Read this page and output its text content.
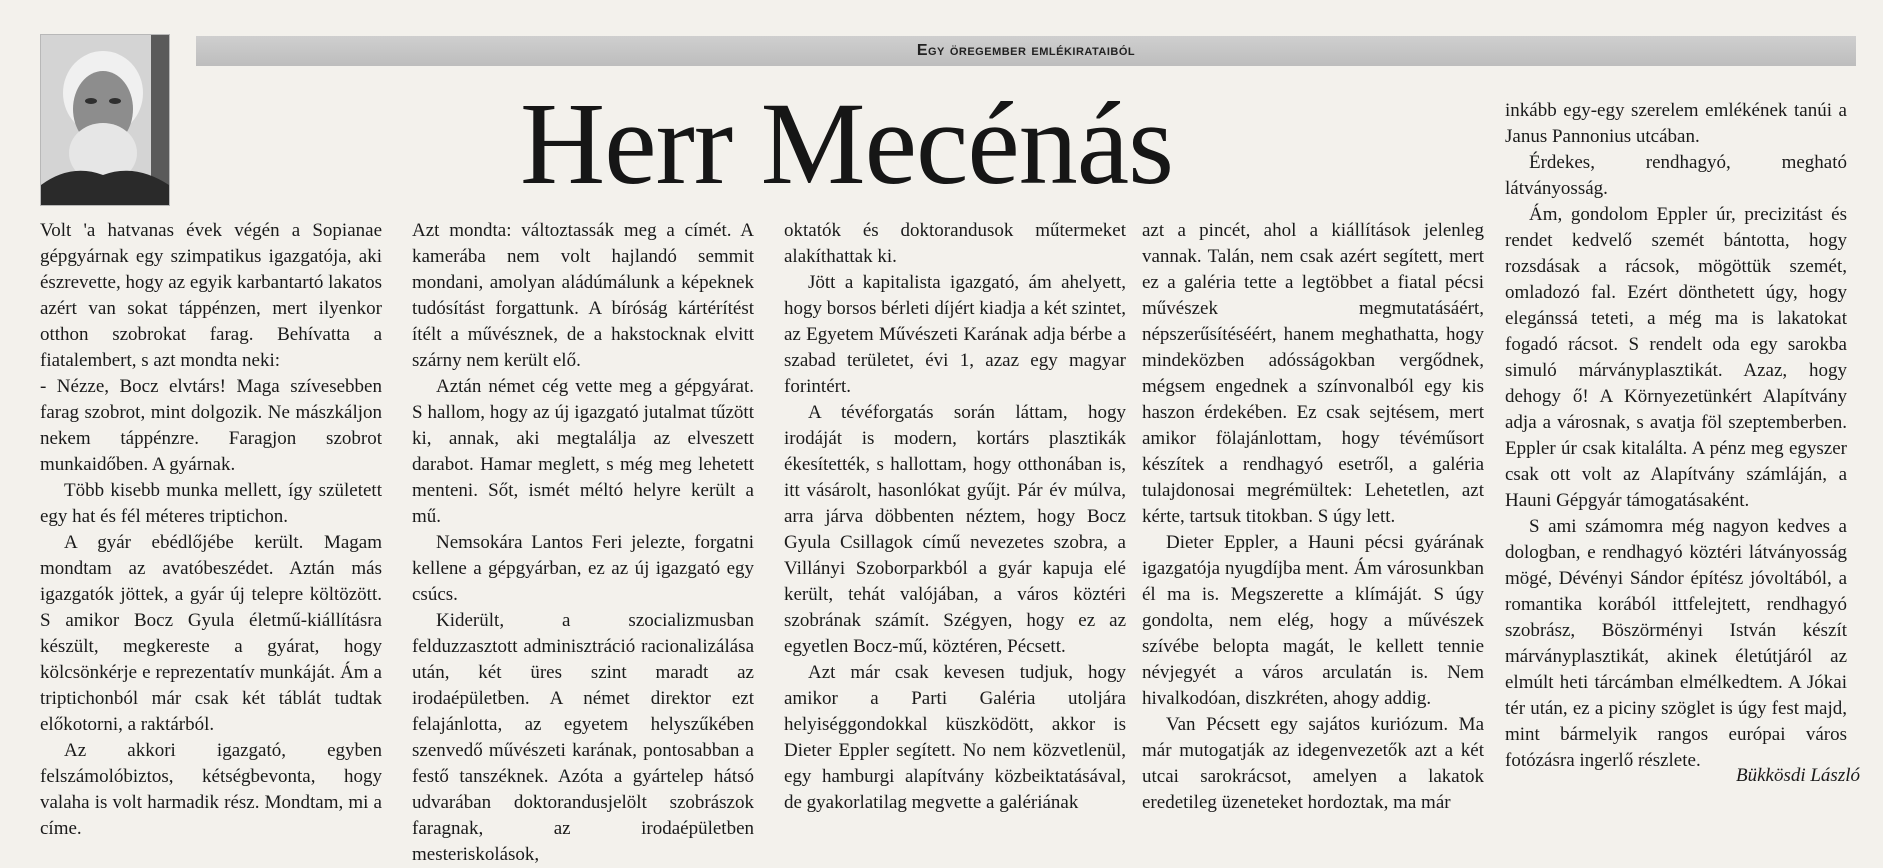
Egy öregember emlékirataiból
Herr Mecénás

Volt 'a hatvanas évek végén a Sopianae gépgyárnak egy szimpatikus igazgatója, aki észrevette, hogy az egyik karbantartó lakatos azért van sokat táppénzen, mert ilyenkor otthon szobrokat farag. Behívatta a fiatalembert, s azt mondta neki:

- Nézze, Bocz elvtárs! Maga szívesebben farag szobrot, mint dolgozik. Ne mászkáljon nekem táppénzre. Faragjon szobrot munkaidőben. A gyárnak.

Több kisebb munka mellett, így született egy hat és fél méteres triptichon.

A gyár ebédlőjébe került. Magam mondtam az avatóbeszédet. Aztán más igazgatók jöttek, a gyár új telepre költözött. S amikor Bocz Gyula életmű-kiállításra készült, megkereste a gyárat, hogy kölcsönkérje e reprezentatív munkáját. Ám a triptichonból már csak két táblát tudtak előkotorni, a raktárból.

Az akkori igazgató, egyben felszámolóbiztos, kétségbevonta, hogy valaha is volt harmadik rész. Mondtam, mi a címe.

Azt mondta: változtassák meg a címét. A kamerába nem volt hajlandó semmit mondani, amolyan aládúmálunk a képeknek tudósítást forgattunk. A bíróság kártérítést ítélt a művésznek, de a hakstocknak elvitt szárny nem került elő.

Aztán német cég vette meg a gépgyárat. S hallom, hogy az új igazgató jutalmat tűzött ki, annak, aki megtalálja az elveszett darabot. Hamar meglett, s még meg lehetett menteni. Sőt, ismét méltó helyre került a mű.

Nemsokára Lantos Feri jelezte, forgatni kellene a gépgyárban, ez az új igazgató egy csúcs.

Kiderült, a szocializmusban felduzzasztott adminisztráció racionalizálása után, két üres szint maradt az irodaépületben. A német direktor ezt felajánlotta, az egyetem helyszűkében szenvedő művészeti karának, pontosabban a festő tanszéknek. Azóta a gyártelep hátsó udvarában doktorandusjelölt szobrászok faragnak, az irodaépületben mesteriskolások,

oktatók és doktorandusok műtermeket alakíthattak ki.

Jött a kapitalista igazgató, ám ahelyett, hogy borsos bérleti díjért kiadja a két szintet, az Egyetem Művészeti Karának adja bérbe a szabad területet, évi 1, azaz egy magyar forintért.

A tévéforgatás során láttam, hogy irodáját is modern, kortárs plasztikák ékesítették, s hallottam, hogy otthonában is, itt vásárolt, hasonlókat gyűjt. Pár év múlva, arra járva döbbenten néztem, hogy Bocz Gyula Csillagok című nevezetes szobra, a Villányi Szoborparkból a gyár kapuja elé került, tehát valójában, a város köztéri szobrának számít. Szégyen, hogy ez az egyetlen Bocz-mű, köztéren, Pécsett.

Azt már csak kevesen tudjuk, hogy amikor a Parti Galéria utoljára helyiséggondokkal küszködött, akkor is Dieter Eppler segített. No nem közvetlenül, egy hamburgi alapítvány közbeiktatásával, de gyakorlatilag megvette a galériának

azt a pincét, ahol a kiállítások jelenleg vannak. Talán, nem csak azért segített, mert ez a galéria tette a legtöbbet a fiatal pécsi művészek megmutatásáért, népszerűsítéséért, hanem meghathatta, hogy mindeközben adósságokban vergődnek, mégsem engednek a színvonalból egy kis haszon érdekében. Ez csak sejtésem, mert amikor fölajánlottam, hogy tévéműsort készítek a rendhagyó esetről, a galéria tulajdonosai megrémültek: Lehetetlen, azt kérte, tartsuk titokban. S úgy lett.

Dieter Eppler, a Hauni pécsi gyárának igazgatója nyugdíjba ment. Ám városunkban él ma is. Megszerette a klímáját. S úgy gondolta, nem elég, hogy a művészek szívébe belopta magát, le kellett tennie névjegyét a város arculatán is. Nem hivalkodóan, diszkréten, ahogy addig.

Van Pécsett egy sajátos kuriózum. Ma már mutogatják az idegenvezetők azt a két utcai sarokrácsot, amelyen a lakatok eredetileg üzeneteket hordoztak, ma már

inkább egy-egy szerelem emlékének tanúi a Janus Pannonius utcában.

Érdekes, rendhagyó, megható látványosság.

Ám, gondolom Eppler úr, precizitást és rendet kedvelő szemét bántotta, hogy rozsdásak a rácsok, mögöttük szemét, omladozó fal. Ezért dönthetett úgy, hogy elegánssá teteti, a még ma is lakatokat fogadó rácsot. S rendelt oda egy sarokba simuló márványplasztikát. Azaz, hogy dehogy ő! A Környezetünkért Alapítvány adja a városnak, s avatja föl szeptemberben. Eppler úr csak kitalálta. A pénz meg egyszer csak ott volt az Alapítvány számláján, a Hauni Gépgyár támogatásaként.

S ami számomra még nagyon kedves a dologban, e rendhagyó köztéri látványosság mögé, Dévényi Sándor építész jóvoltából, a romantika korából ittfelejtett, rendhagyó szobrász, Böszörményi István készít márványplasztikát, akinek életútjáról az elmúlt heti tárcámban elmélkedtem. A Jókai tér után, ez a piciny szöglet is úgy fest majd, mint bármelyik rangos európai város fotózásra ingerlő részlete.

Bükkösdi László
